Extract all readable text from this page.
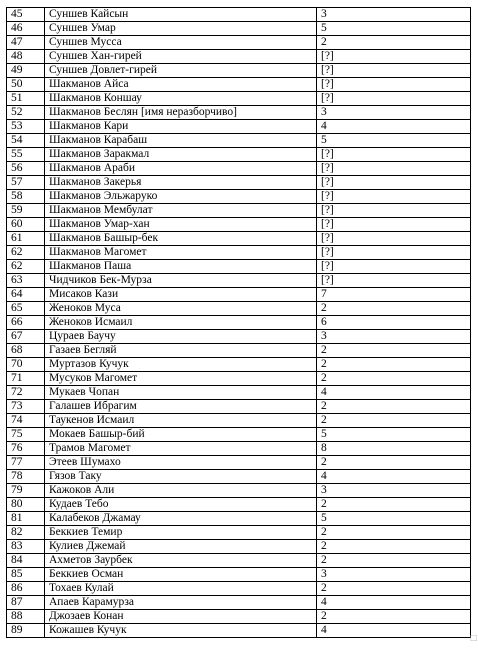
45	Суншев Кайсын	3
46	Суншев Умар	5
47	Суншев Мусса	2
48	Суншев Хан-гирей	[?]
49	Суншев Довлет-гирей	[?]
50	Шакманов Айса	[?]
51	Шакманов Коншау	[?]
52	Шакманов Беслян [имя неразборчиво]	3
53	Шакманов Кари	4
54	Шакманов Карабаш	5
55	Шакманов Заракмал	[?]
56	Шакманов Араби	[?]
57	Шакманов Закерья	[?]
58	Шакманов Эльжаруко	[?]
59	Шакманов Мембулат	[?]
60	Шакманов Умар-хан	[?]
61	Шакманов Башыр-бек	[?]
62	Шакманов Магомет	[?]
62	Шакманов Паша	[?]
63	Чидчиков Бек-Мурза	[?]
64	Мисаков Кази	7
65	Женоков Муса	2
66	Женоков Исмаил	6
67	Цураев Баучу	3
68	Газаев Бегляй	2
70	Муртазов Кучук	2
71	Мусуков Магомет	2
72	Мукаев Чопан	4
73	Галашев Ибрагим	2
74	Таукенов Исмаил	2
75	Мокаев Башыр-бий	5
76	Трамов Магомет	8
77	Этеев Шумахо	2
78	Гязов Таку	4
79	Кажоков Али	3
80	Кудаев Тебо	2
81	Калабеков Джамау	5
82	Беккиев Темир	2
83	Кулиев Джемай	2
84	Ахметов Заурбек	2
85	Беккиев Осман	3
86	Тохаев Кулай	2
87	Апаев Карамурза	4
88	Джозаев Конан	2
89	Кожашев Кучук	4
□
